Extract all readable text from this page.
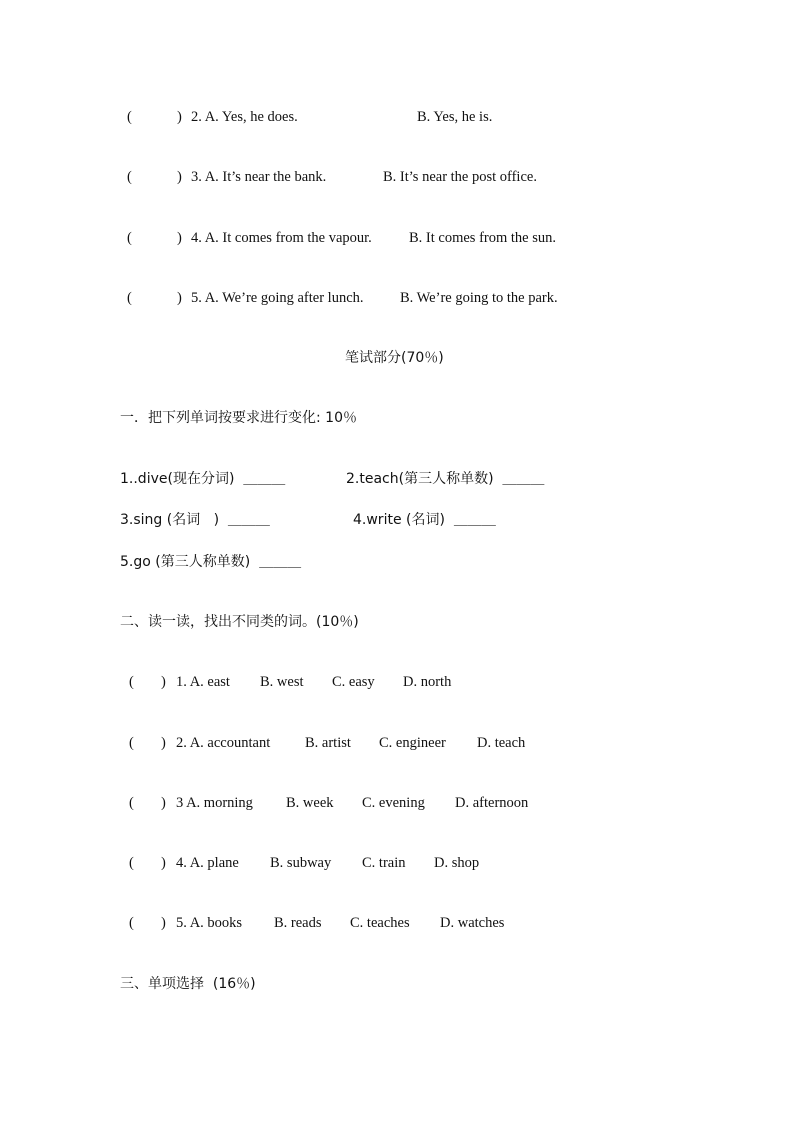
(	) 2. A. Yes, he does.	B. Yes, he is.
(	) 3. A. It’s near the bank.	B. It’s near the post office.
(	) 4. A. It comes from the vapour.	B. It comes from the sun.
(	) 5. A. We’re going after lunch.	B. We’re going to the park.
笔试部分(70％)
一．把下列单词按要求进行变化: 10％
1..dive(现在分词)  ＿＿＿	2.teach(第三人称单数)  ＿＿＿
3.sing (名词   )  ＿＿＿	4.write (名词)  ＿＿＿
5.go (第三人称单数)  ＿＿＿
二、读一读，找出不同类的词。(10％)
( ) 1. A. east B. west C. easy D. north
( ) 2. A. accountant B. artist C. engineer D. teach
( ) 3 A. morning B. week C. evening D. afternoon
( ) 4. A. plane B. subway C. train D. shop
( ) 5. A. books B. reads C. teaches D. watches
三、单项选择  (16％)
